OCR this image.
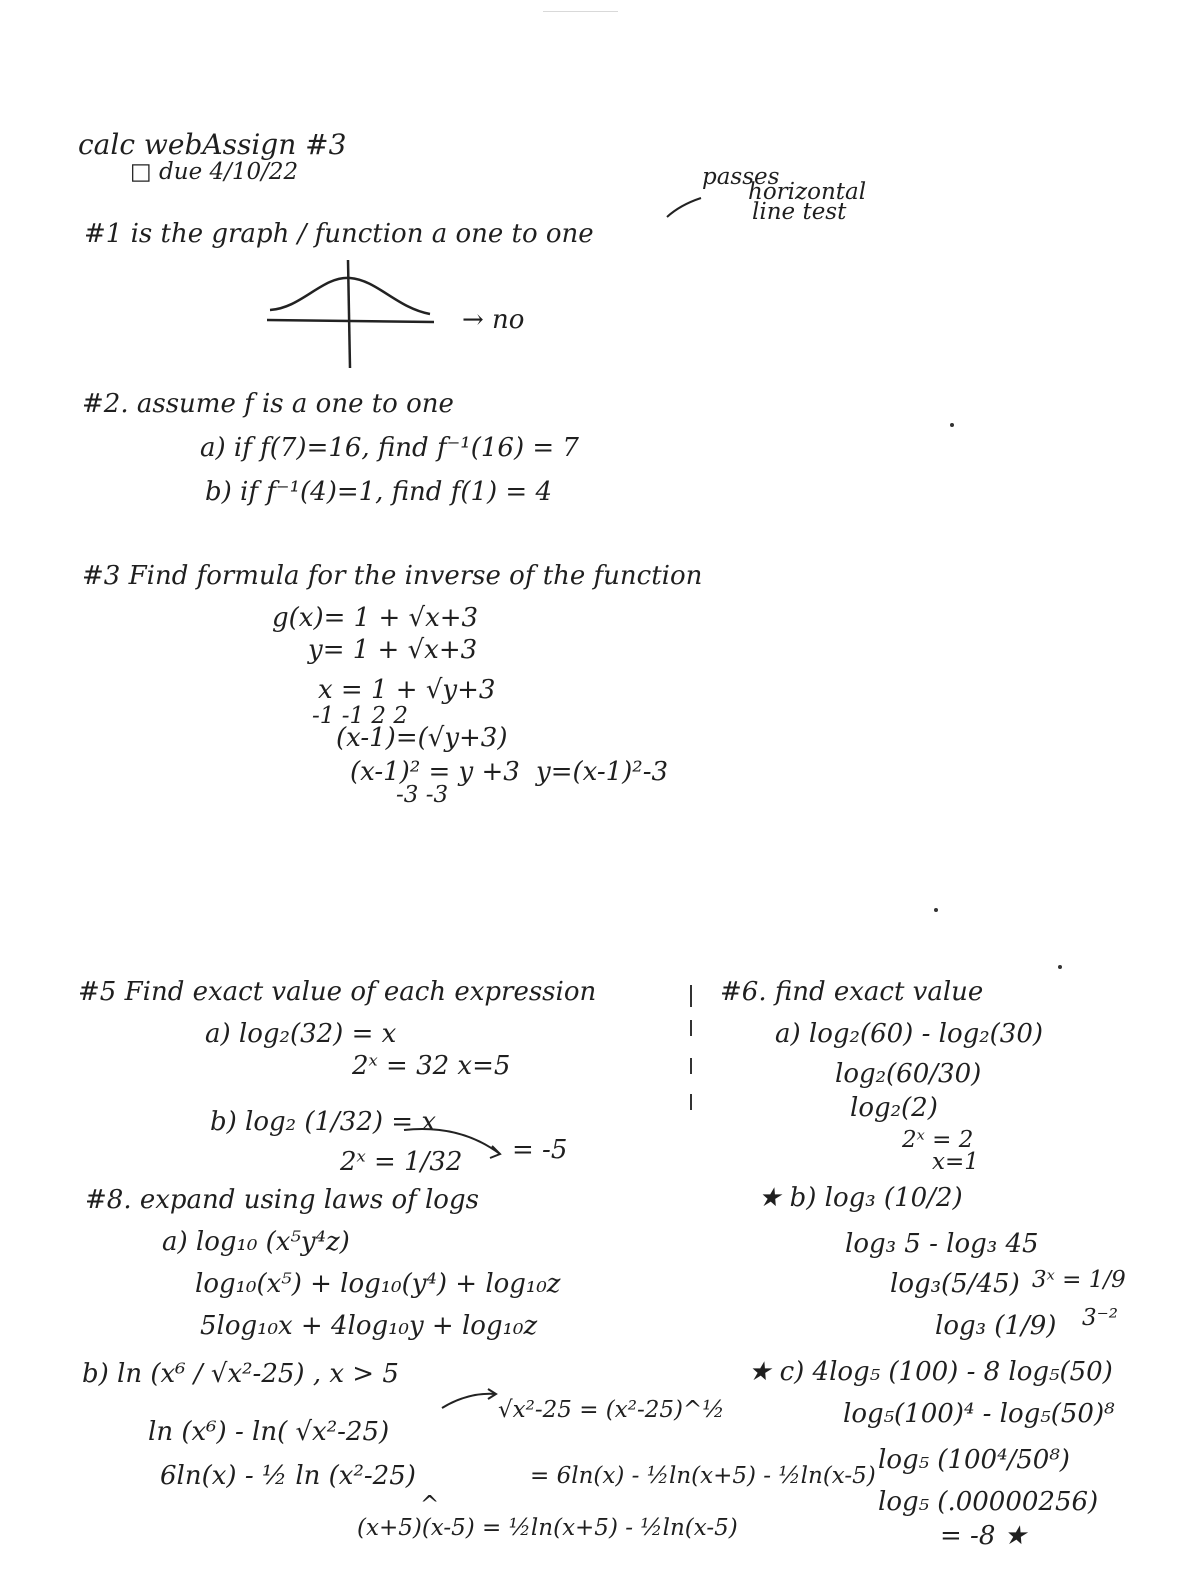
calc webAssign #3
□ due 4/10/22
#1 is the graph / function a one to one
passes
horizontal
line test
→ no
#2. assume f is a one to one
a) if f(7)=16, find f⁻¹(16) = 7
b) if f⁻¹(4)=1, find f(1) = 4
#3 Find formula for the inverse of the function
g(x)= 1 + √x+3
y= 1 + √x+3
x = 1 + √y+3
-1 -1 2 2
(x-1)=(√y+3)
(x-1)² = y +3 y=(x-1)²-3
-3 -3
#5 Find exact value of each expression
a) log₂(32) = x
2ˣ = 32 x=5
b) log₂ (1/32) = x
2ˣ = 1/32 = -5
#6. find exact value
a) log₂(60) - log₂(30)
log₂(60/30)
log₂(2)
2ˣ = 2
x=1
★ b) log₃ (10/2)
log₃ 5 - log₃ 45
log₃(5/45) 3ˣ = 1/9
log₃ (1/9) 3⁻²
★ c) 4log₅ (100) - 8 log₅(50)
log₅(100)⁴ - log₅(50)⁸
log₅ (100⁴/50⁸)
log₅ (.00000256)
= -8 ★
#8. expand using laws of logs
a) log₁₀ (x⁵y⁴z)
log₁₀(x⁵) + log₁₀(y⁴) + log₁₀z
5log₁₀x + 4log₁₀y + log₁₀z
b) ln (x⁶ / √x²-25) , x > 5
ln (x⁶) - ln( √x²-25)
√x²-25 = (x²-25)^½
6ln(x) - ½ ln (x²-25)	= 6ln(x) - ½ln(x+5) - ½ln(x-5)
^
(x+5)(x-5) = ½ln(x+5) - ½ln(x-5)
